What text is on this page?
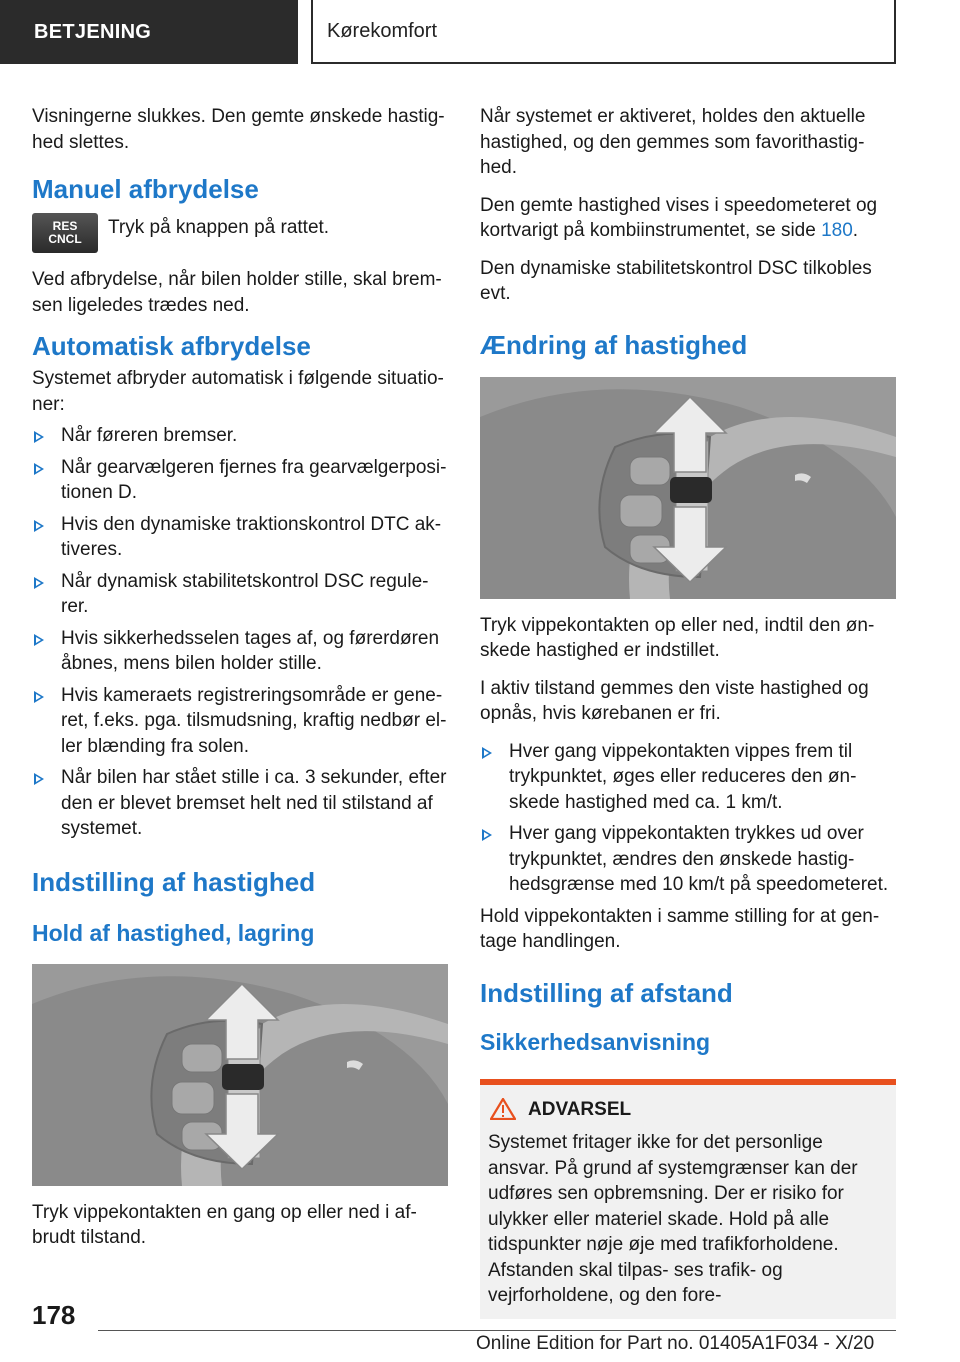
BETJENING	Kørekomfort

Visningerne slukkes. Den gemte ønskede hastig- hed slettes.

Manuel afbrydelse
RES
CNCL
Tryk på knappen på rattet.

Ved afbrydelse, når bilen holder stille, skal brem- sen ligeledes trædes ned.

Automatisk afbrydelse

Systemet afbryder automatisk i følgende situatio- ner:

Når føreren bremser.
Når gearvælgeren fjernes fra gearvælgerposi- tionen D.
Hvis den dynamiske traktionskontrol DTC ak- tiveres.
Når dynamisk stabilitetskontrol DSC regule- rer.
Hvis sikkerhedsselen tages af, og førerdøren åbnes, mens bilen holder stille.
Hvis kameraets registreringsområde er gene- ret, f.eks. pga. tilsmudsning, kraftig nedbør el- ler blænding fra solen.
Når bilen har stået stille i ca. 3 sekunder, efter den er blevet bremset helt ned til stilstand af systemet.
Indstilling af hastighed
Hold af hastighed, lagring

Tryk vippekontakten en gang op eller ned i af- brudt tilstand.

Når systemet er aktiveret, holdes den aktuelle hastighed, og den gemmes som favorithastig- hed.

Den gemte hastighed vises i speedometeret og kortvarigt på kombiinstrumentet, se side 180.

Den dynamiske stabilitetskontrol DSC tilkobles evt.

Ændring af hastighed

Tryk vippekontakten op eller ned, indtil den øn- skede hastighed er indstillet.

I aktiv tilstand gemmes den viste hastighed og opnås, hvis kørebanen er fri.

Hver gang vippekontakten vippes frem til trykpunktet, øges eller reduceres den øn- skede hastighed med ca. 1 km/t.
Hver gang vippekontakten trykkes ud over trykpunktet, ændres den ønskede hastig- hedsgrænse med 10 km/t på speedometeret.

Hold vippekontakten i samme stilling for at gen- tage handlingen.

Indstilling af afstand
Sikkerhedsanvisning
ADVARSEL
Systemet fritager ikke for det personlige ansvar. På grund af systemgrænser kan der udføres sen opbremsning. Der er risiko for ulykker eller materiel skade. Hold på alle tidspunkter nøje øje med trafikforholdene. Afstanden skal tilpas- ses trafik- og vejrforholdene, og den fore-
178
Online Edition for Part no. 01405A1F034 - X/20
